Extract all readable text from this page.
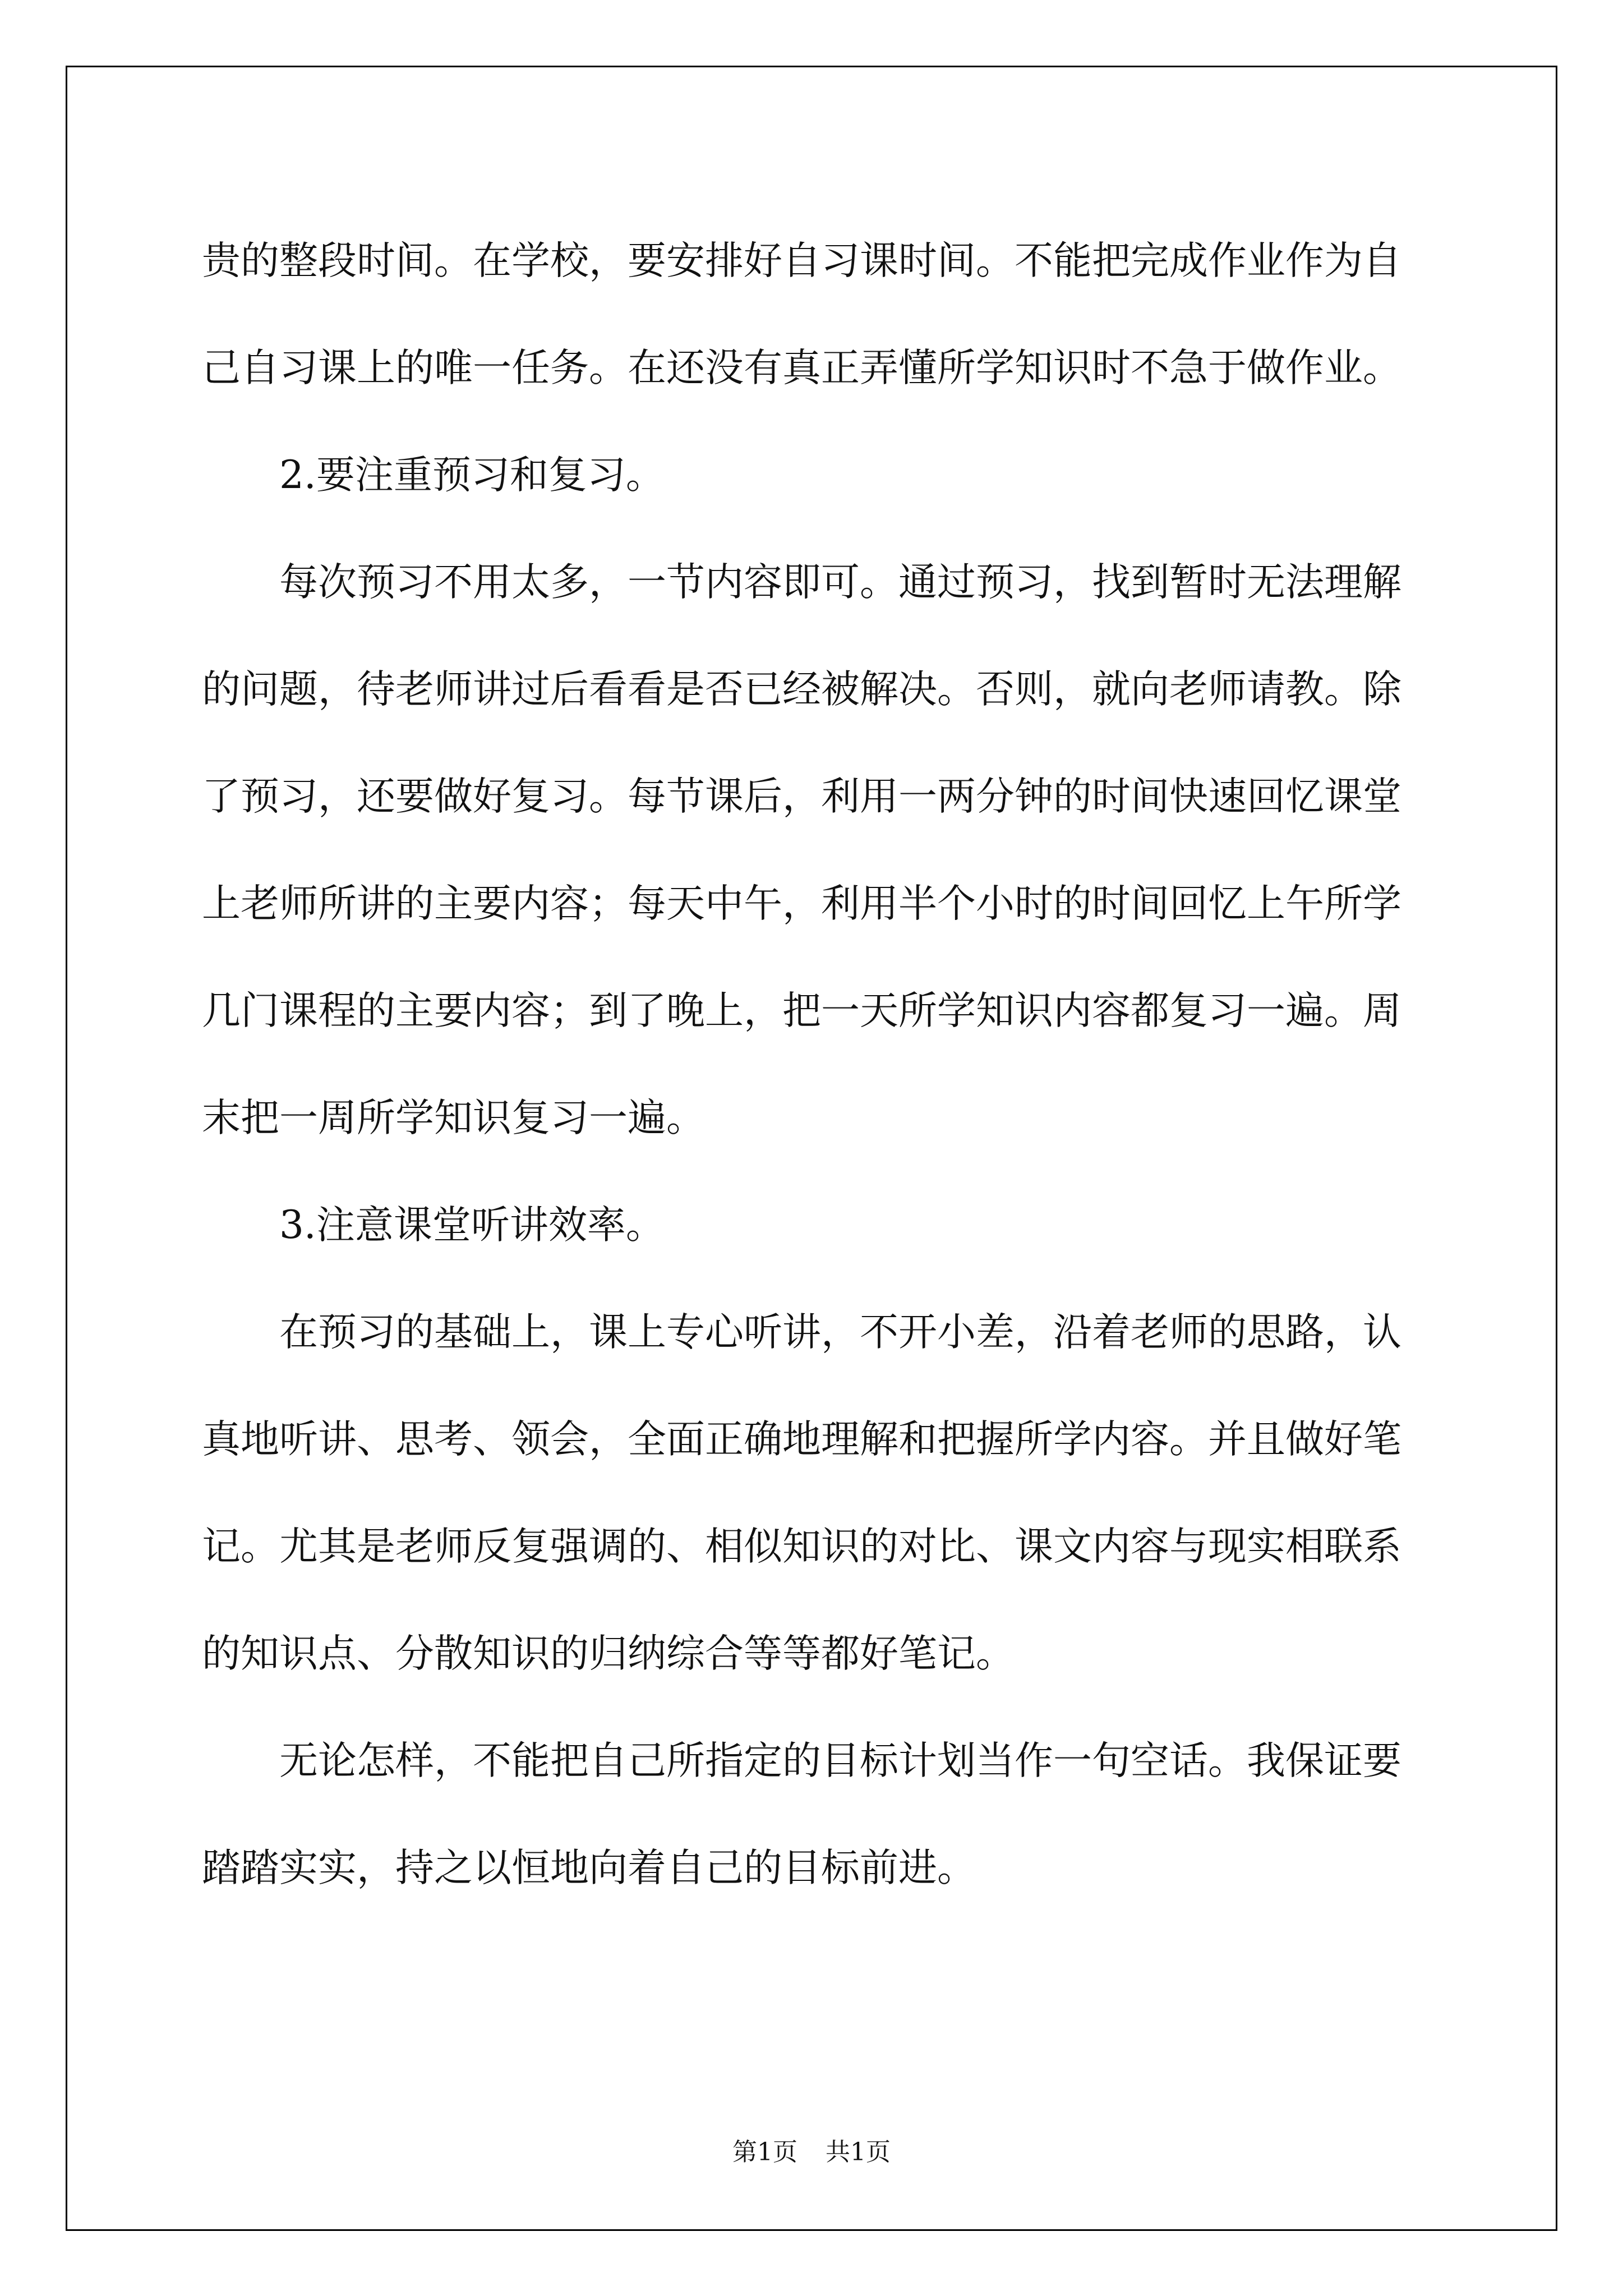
贵的整段时间。在学校，要安排好自习课时间。不能把完成作业作为自己自习课上的唯一任务。在还没有真正弄懂所学知识时不急于做作业。

2.要注重预习和复习。

每次预习不用太多，一节内容即可。通过预习，找到暂时无法理解的问题，待老师讲过后看看是否已经被解决。否则，就向老师请教。除了预习，还要做好复习。每节课后，利用一两分钟的时间快速回忆课堂上老师所讲的主要内容；每天中午，利用半个小时的时间回忆上午所学几门课程的主要内容；到了晚上，把一天所学知识内容都复习一遍。周末把一周所学知识复习一遍。

3.注意课堂听讲效率。

在预习的基础上，课上专心听讲，不开小差，沿着老师的思路，认真地听讲、思考、领会，全面正确地理解和把握所学内容。并且做好笔记。尤其是老师反复强调的、相似知识的对比、课文内容与现实相联系的知识点、分散知识的归纳综合等等都好笔记。

无论怎样，不能把自己所指定的目标计划当作一句空话。我保证要踏踏实实，持之以恒地向着自己的目标前进。

第1页 共1页
